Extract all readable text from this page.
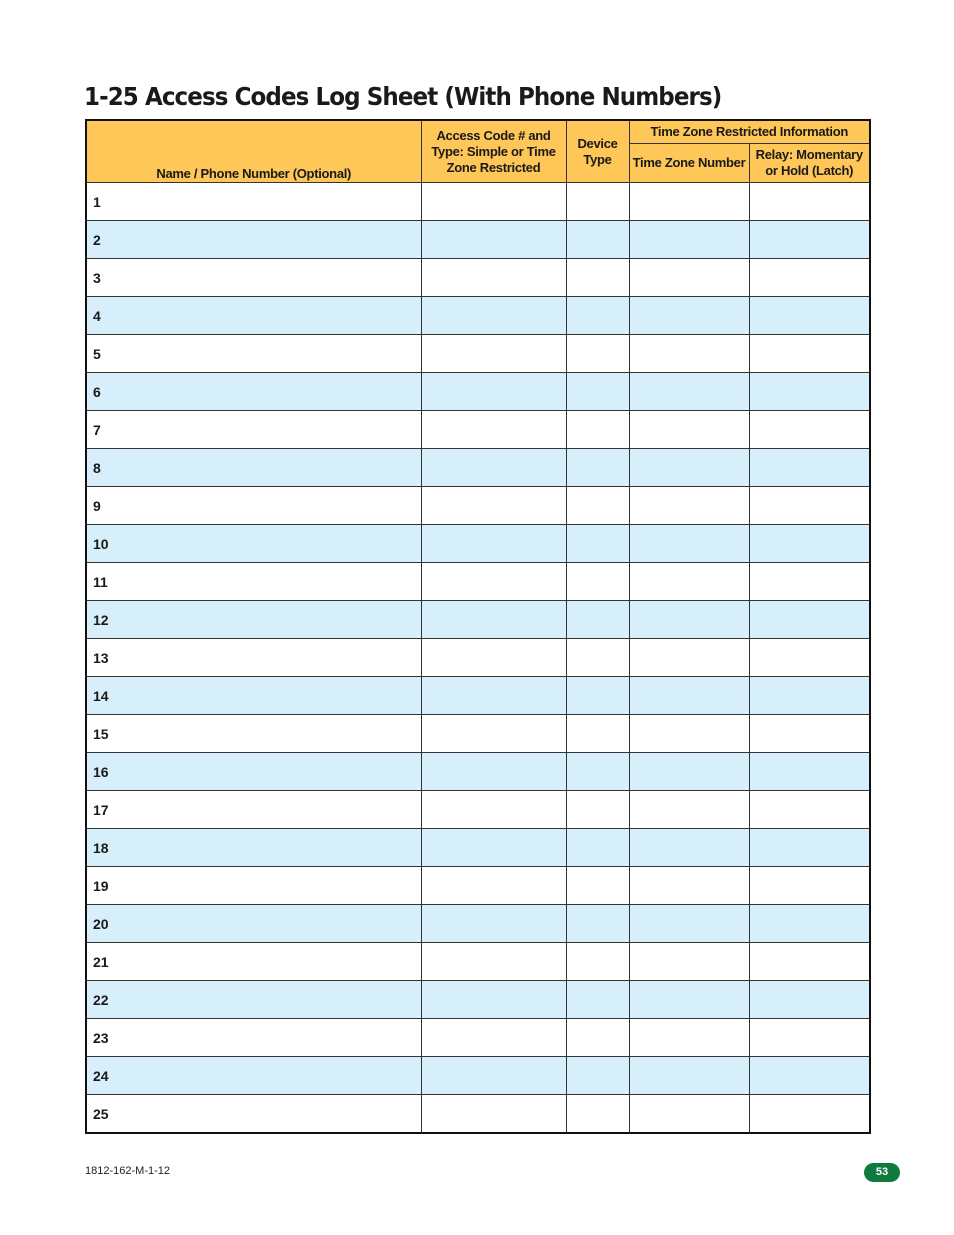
1-25 Access Codes Log Sheet (With Phone Numbers)
Name / Phone Number (Optional)	Access Code # and Type: Simple or Time Zone Restricted	Device Type	Time Zone Restricted Information	
			Time Zone Number	Relay: Momentary or Hold (Latch)
1				
2				
3				
4				
5				
6				
7				
8				
9				
10				
11				
12				
13				
14				
15				
16				
17				
18				
19				
20				
21				
22				
23				
24				
25				
1812-162-M-1-12	53
